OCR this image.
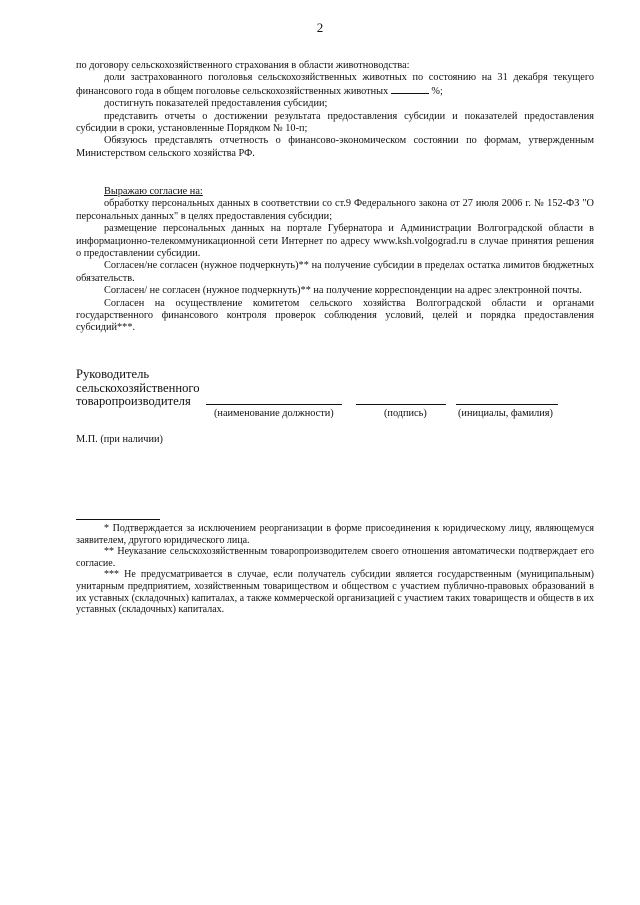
2

по договору сельскохозяйственного страхования в области животноводства:

доли застрахованного поголовья сельскохозяйственных животных по состоянию на 31 декабря текущего финансового года в общем поголовье сельскохозяйственных животных	%;

достигнуть показателей предоставления субсидии;

представить отчеты о достижении результата предоставления субсидии и показателей предоставления субсидии в сроки, установленные Порядком № 10-п;

Обязуюсь представлять отчетность о финансово-экономическом состоянии по формам, утвержденным Министерством сельского хозяйства РФ.

Выражаю согласие на:

обработку персональных данных в соответствии со ст.9 Федерального закона от 27 июля 2006 г. № 152-ФЗ "О персональных данных" в целях предоставления субсидии;

размещение персональных данных на портале Губернатора и Администрации Волгоградской области в информационно-телекоммуникационной сети Интернет по адресу www.ksh.volgograd.ru в случае принятия решения о предоставлении субсидии.

Согласен/не согласен (нужное подчеркнуть)** на получение субсидии в пределах остатка лимитов бюджетных обязательств.

Согласен/ не согласен (нужное подчеркнуть)** на получение корреспонденции на адрес электронной почты.

Согласен на осуществление комитетом сельского хозяйства Волгоградской области и органами государственного финансового контроля проверок соблюдения условий, целей и порядка предоставления субсидий***.

Руководитель
сельскохозяйственного
товаропроизводителя
(наименование должности)	(подпись)	(инициалы, фамилия)
М.П. (при наличии)

* Подтверждается за исключением реорганизации в форме присоединения к юридическому лицу, являющемуся заявителем, другого юридического лица.

** Неуказание сельскохозяйственным товаропроизводителем своего отношения автоматически подтверждает его согласие.

*** Не предусматривается в случае, если получатель субсидии является государственным (муниципальным) унитарным предприятием, хозяйственным товариществом и обществом с участием публично-правовых образований в их уставных (складочных) капиталах, а также коммерческой организацией с участием таких товариществ и обществ в их уставных (складочных) капиталах.
